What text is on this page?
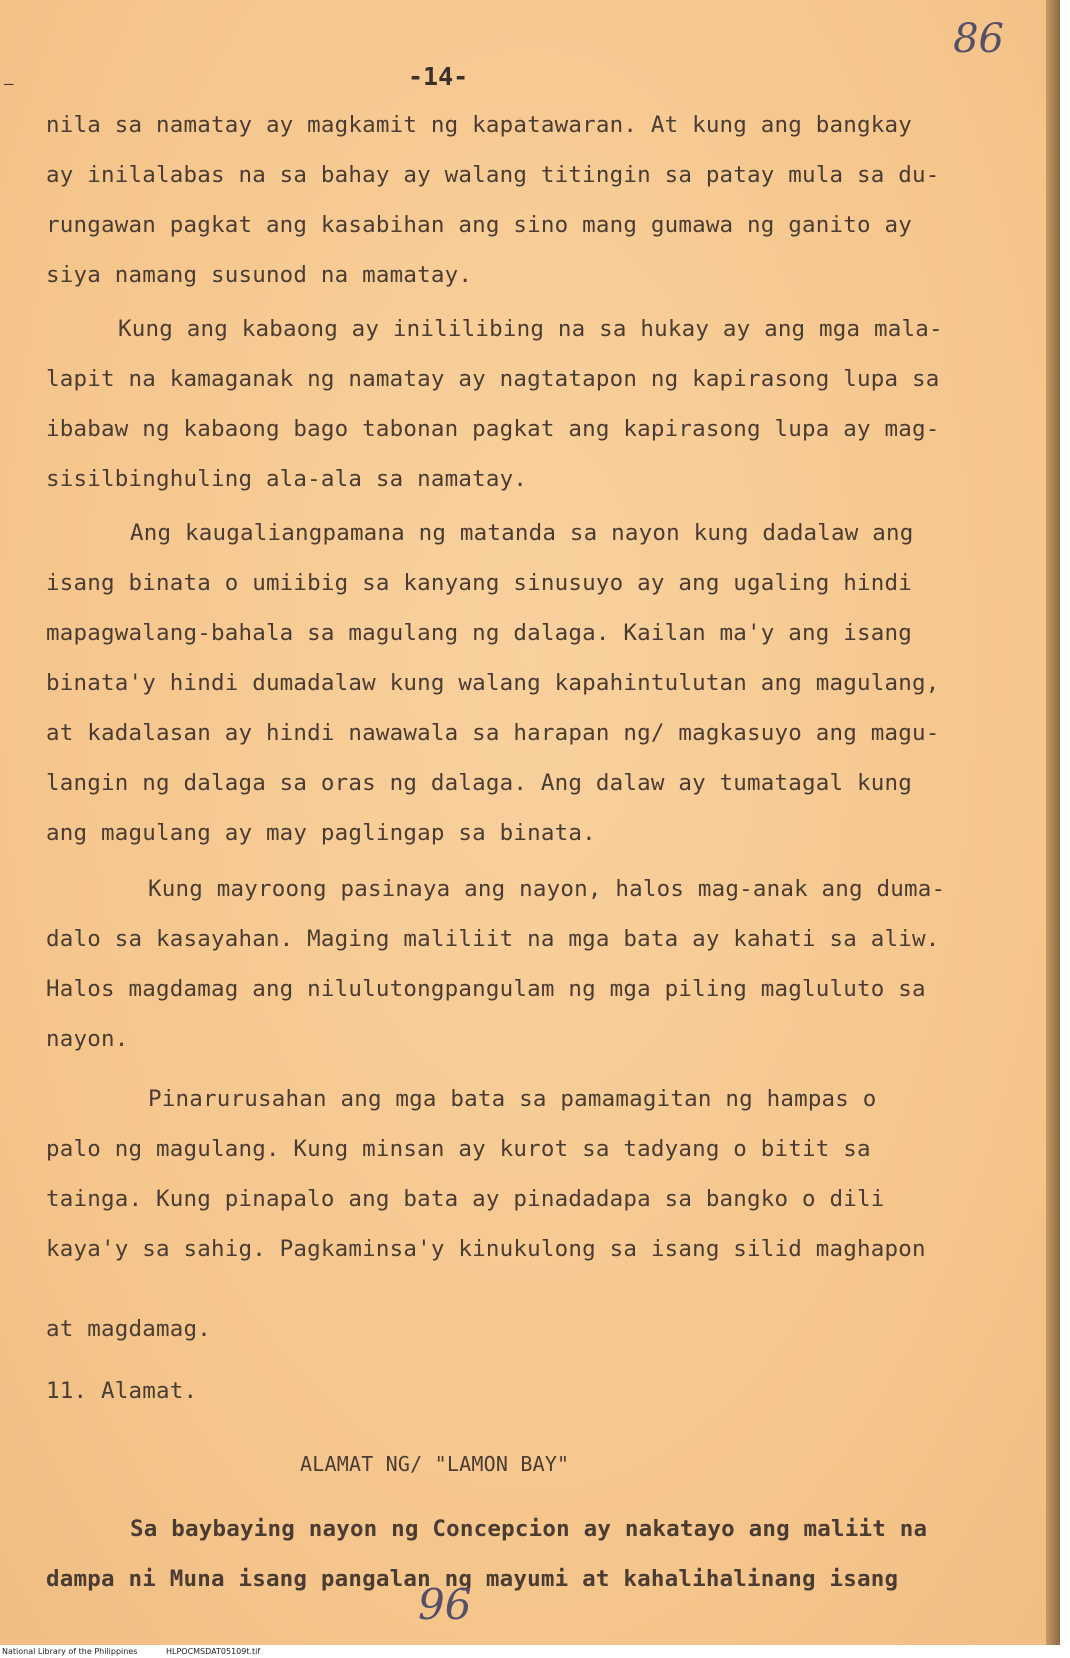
—
86
-14-
nila sa namatay ay magkamit ng kapatawaran. At kung ang bangkay
ay inilalabas na sa bahay ay walang titingin sa patay mula sa du-
rungawan pagkat ang kasabihan ang sino mang gumawa ng ganito ay
siya namang susunod na mamatay.
Kung ang kabaong ay inililibing na sa hukay ay ang mga mala-
lapit na kamaganak ng namatay ay nagtatapon ng kapirasong lupa sa
ibabaw ng kabaong bago tabonan pagkat ang kapirasong lupa ay mag-
sisilbinghuling ala-ala sa namatay.
Ang kaugaliangpamana ng matanda sa nayon kung dadalaw ang
isang binata o umiibig sa kanyang sinusuyo ay ang ugaling hindi
mapagwalang-bahala sa magulang ng dalaga. Kailan ma'y ang isang
binata'y hindi dumadalaw kung walang kapahintulutan ang magulang,
at kadalasan ay hindi nawawala sa harapan ng/ magkasuyo ang magu-
langin ng dalaga sa oras ng dalaga. Ang dalaw ay tumatagal kung
ang magulang ay may paglingap sa binata.
Kung mayroong pasinaya ang nayon, halos mag-anak ang duma-
dalo sa kasayahan. Maging maliliit na mga bata ay kahati sa aliw.
Halos magdamag ang nilulutongpangulam ng mga piling magluluto sa
nayon.
Pinarurusahan ang mga bata sa pamamagitan ng hampas o
palo ng magulang. Kung minsan ay kurot sa tadyang o bitit sa
tainga. Kung pinapalo ang bata ay pinadadapa sa bangko o dili
kaya'y sa sahig. Pagkaminsa'y kinukulong sa isang silid maghapon
at magdamag.
11. Alamat.
ALAMAT NG/ "LAMON BAY"
Sa baybaying nayon ng Concepcion ay nakatayo ang maliit na
dampa ni Muna isang pangalan ng mayumi at kahalihalinang isang
96
National Library of the Philippines	HLPOCMSDAT05109t.tif
